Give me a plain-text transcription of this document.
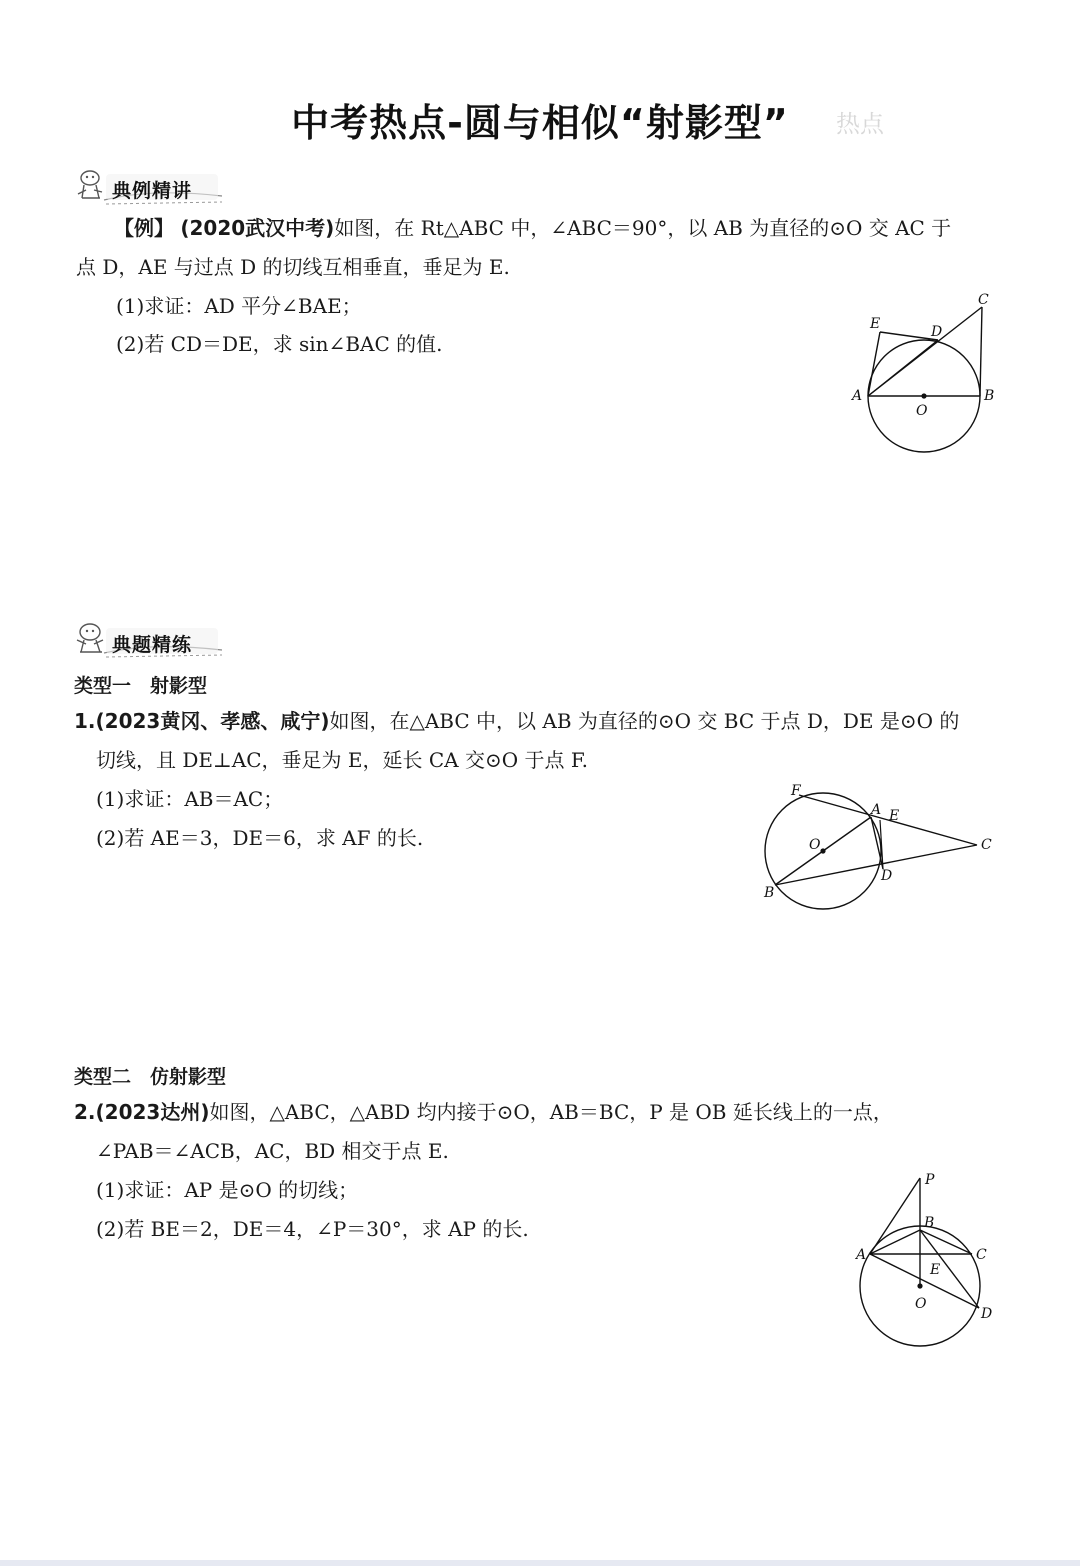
中考热点-圆与相似“射影型”	热点
典例精讲
【例】 (2020武汉中考)如图，在 Rt△ABC 中，∠ABC＝90°，以 AB 为直径的⊙O 交 AC 于
点 D，AE 与过点 D 的切线互相垂直，垂足为 E.
(1)求证：AD 平分∠BAE；
(2)若 CD＝DE，求 sin∠BAC 的值.
C
E	D
A	B
O
典题精练
类型一　射影型
1.(2023黄冈、孝感、咸宁)如图，在△ABC 中，以 AB 为直径的⊙O 交 BC 于点 D，DE 是⊙O 的
切线，且 DE⊥AC，垂足为 E，延长 CA 交⊙O 于点 F.
(1)求证：AB＝AC；
(2)若 AE＝3，DE＝6，求 AF 的长.
F
A E
O	C
D
B
类型二　仿射影型
2.(2023达州)如图，△ABC，△ABD 均内接于⊙O，AB＝BC，P 是 OB 延长线上的一点，
∠PAB＝∠ACB，AC，BD 相交于点 E.
(1)求证：AP 是⊙O 的切线；
(2)若 BE＝2，DE＝4，∠P＝30°，求 AP 的长.
P
B
A	C
E
O
D
